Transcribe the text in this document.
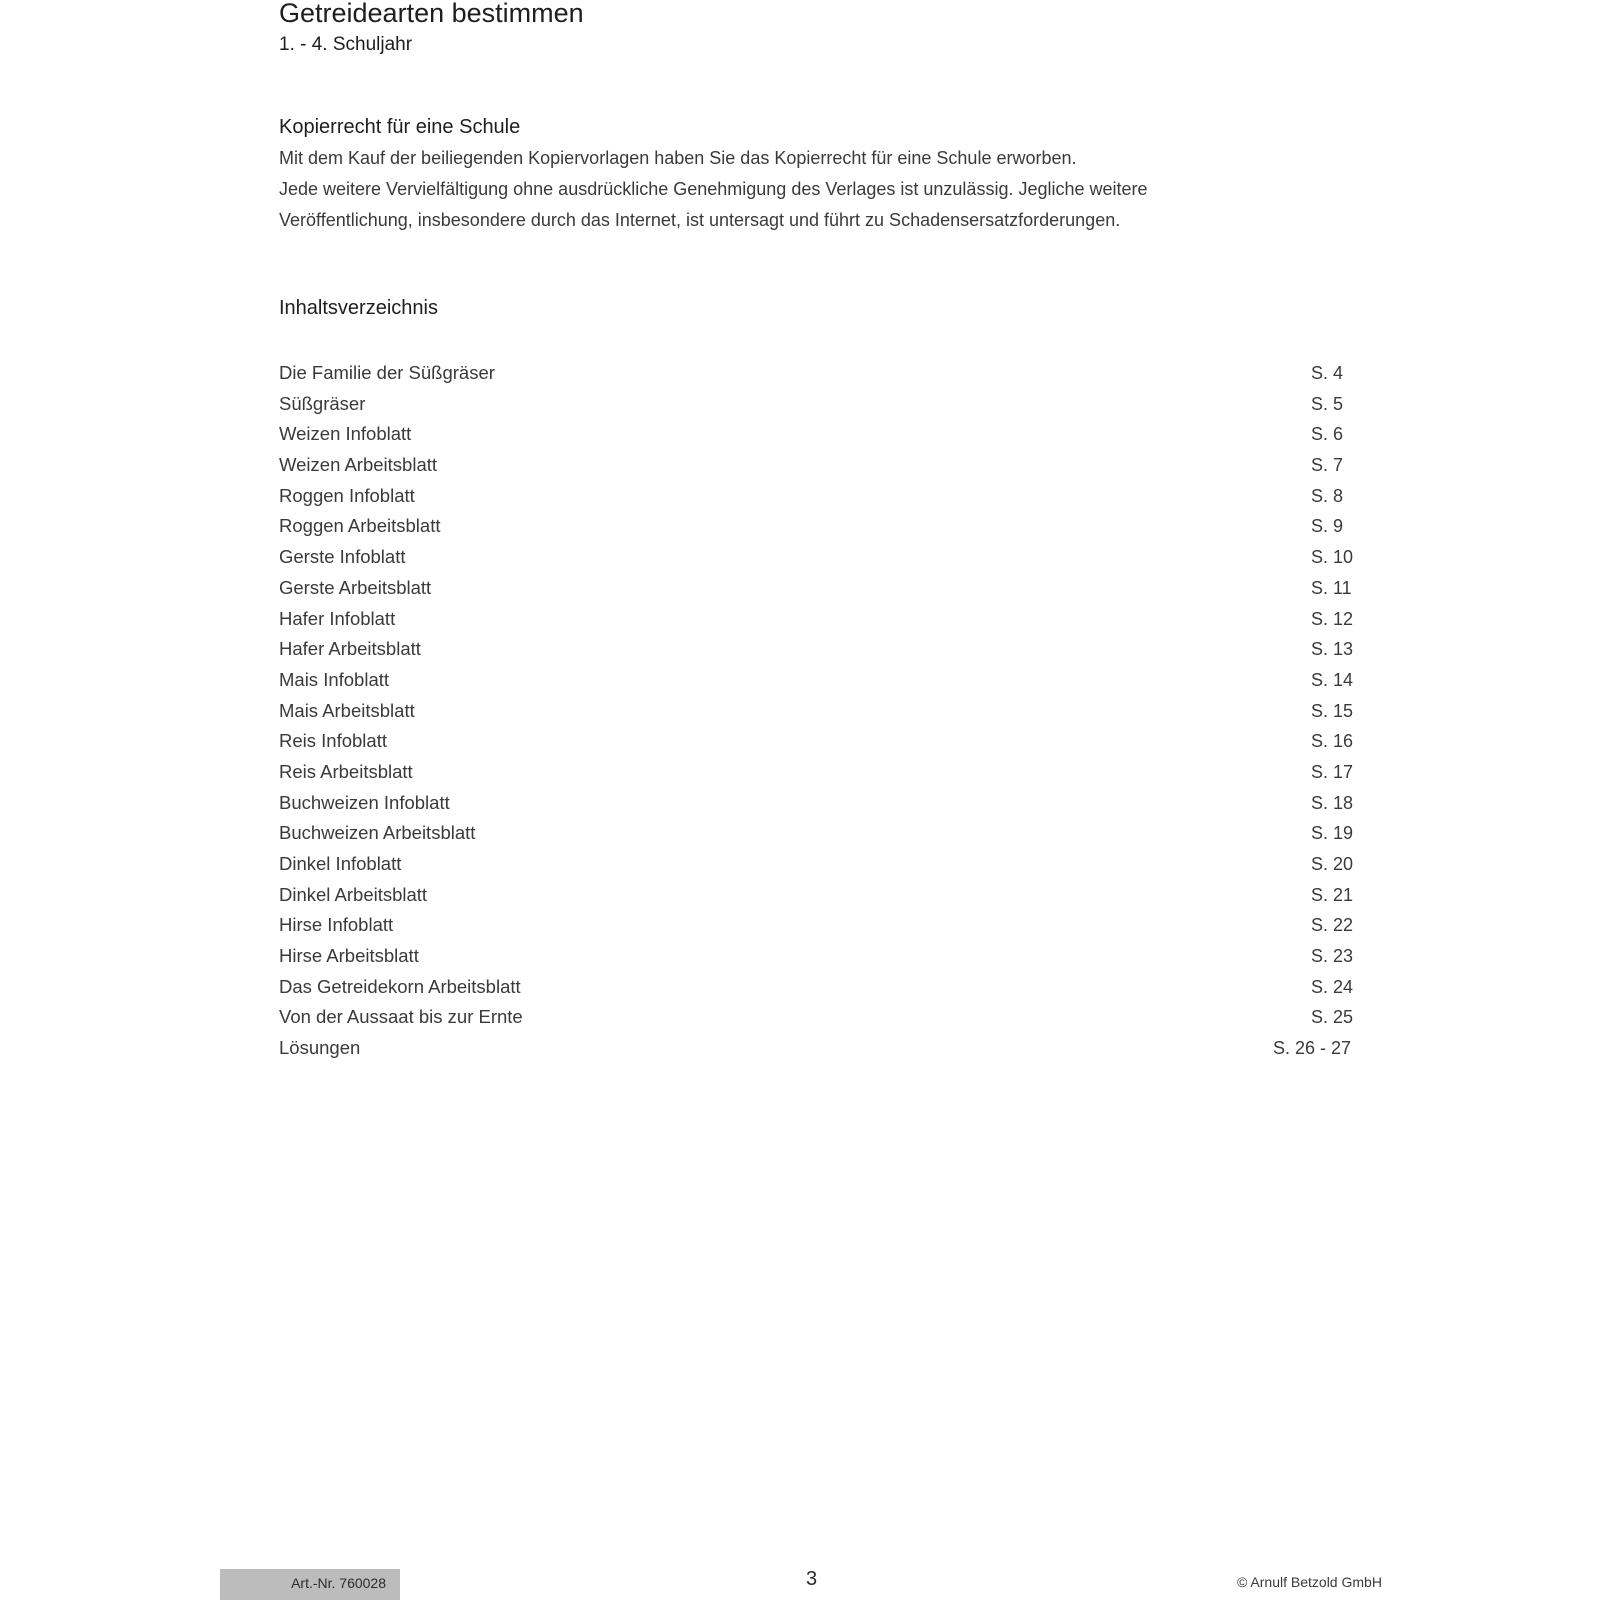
Getreidearten bestimmen
1. - 4. Schuljahr
Kopierrecht für eine Schule
Mit dem Kauf der beiliegenden Kopiervorlagen haben Sie das Kopierrecht für eine Schule erworben.
Jede weitere Vervielfältigung ohne ausdrückliche Genehmigung des Verlages ist unzulässig. Jegliche weitere
Veröffentlichung, insbesondere durch das Internet, ist untersagt und führt zu Schadensersatzforderungen.
Inhaltsverzeichnis
Die Familie der Süßgräser	S. 4
Süßgräser	S. 5
Weizen Infoblatt	S. 6
Weizen Arbeitsblatt	S. 7
Roggen Infoblatt	S. 8
Roggen Arbeitsblatt	S. 9
Gerste Infoblatt	S. 10
Gerste Arbeitsblatt	S. 11
Hafer Infoblatt	S. 12
Hafer Arbeitsblatt	S. 13
Mais Infoblatt	S. 14
Mais Arbeitsblatt	S. 15
Reis Infoblatt	S. 16
Reis Arbeitsblatt	S. 17
Buchweizen Infoblatt	S. 18
Buchweizen Arbeitsblatt	S. 19
Dinkel Infoblatt	S. 20
Dinkel Arbeitsblatt	S. 21
Hirse Infoblatt	S. 22
Hirse Arbeitsblatt	S. 23
Das Getreidekorn Arbeitsblatt	S. 24
Von der Aussaat bis zur Ernte	S. 25
Lösungen	S. 26 - 27
Art.-Nr. 760028	3	© Arnulf Betzold GmbH
